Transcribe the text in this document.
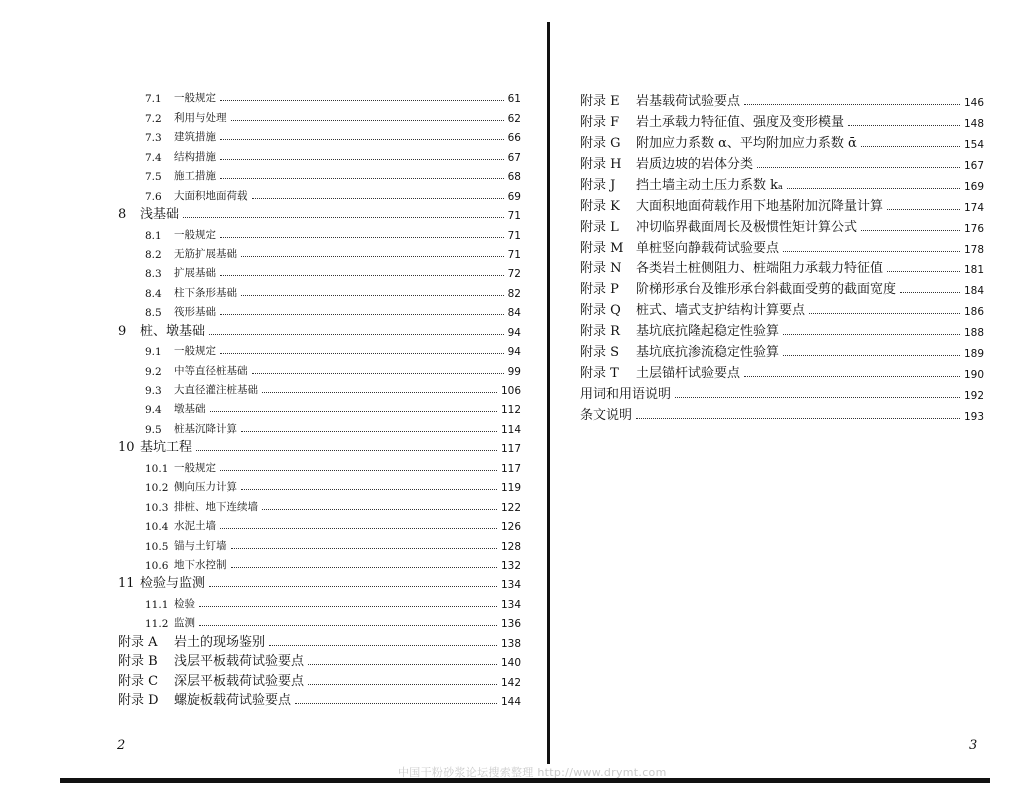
7.1	一般规定	61
7.2	利用与处理	62
7.3	建筑措施	66
7.4	结构措施	67
7.5	施工措施	68
7.6	大面积地面荷载	69
8	浅基础	71
8.1	一般规定	71
8.2	无筋扩展基础	71
8.3	扩展基础	72
8.4	柱下条形基础	82
8.5	筏形基础	84
9	桩、墩基础	94
9.1	一般规定	94
9.2	中等直径桩基础	99
9.3	大直径灌注桩基础	106
9.4	墩基础	112
9.5	桩基沉降计算	114
10 基坑工程	117
10.1 一般规定	117
10.2 侧向压力计算	119
10.3 排桩、地下连续墙	122
10.4 水泥土墙	126
10.5 锚与土钉墙	128
10.6 地下水控制	132
11 检验与监测	134
11.1 检验	134
11.2 监测	136
附录 A	岩土的现场鉴别	138
附录 B	浅层平板载荷试验要点	140
附录 C	深层平板载荷试验要点	142
附录 D	螺旋板载荷试验要点	144
2
附录 E	岩基载荷试验要点	146
附录 F	岩土承载力特征值、强度及变形模量	148
附录 G	附加应力系数 α、平均附加应力系数 ᾱ	154
附录 H	岩质边坡的岩体分类	167
附录 J	挡土墙主动土压力系数 kₐ	169
附录 K	大面积地面荷载作用下地基附加沉降量计算	174
附录 L	冲切临界截面周长及极惯性矩计算公式	176
附录 M 单桩竖向静载荷试验要点	178
附录 N	各类岩土桩侧阻力、桩端阻力承载力特征值	181
附录 P	阶梯形承台及锥形承台斜截面受剪的截面宽度	184
附录 Q	桩式、墙式支护结构计算要点	186
附录 R	基坑底抗隆起稳定性验算	188
附录 S	基坑底抗渗流稳定性验算	189
附录 T	土层锚杆试验要点	190
用词和用语说明	192
条文说明	193
3
中国干粉砂浆论坛搜索整理 http://www.drymt.com
